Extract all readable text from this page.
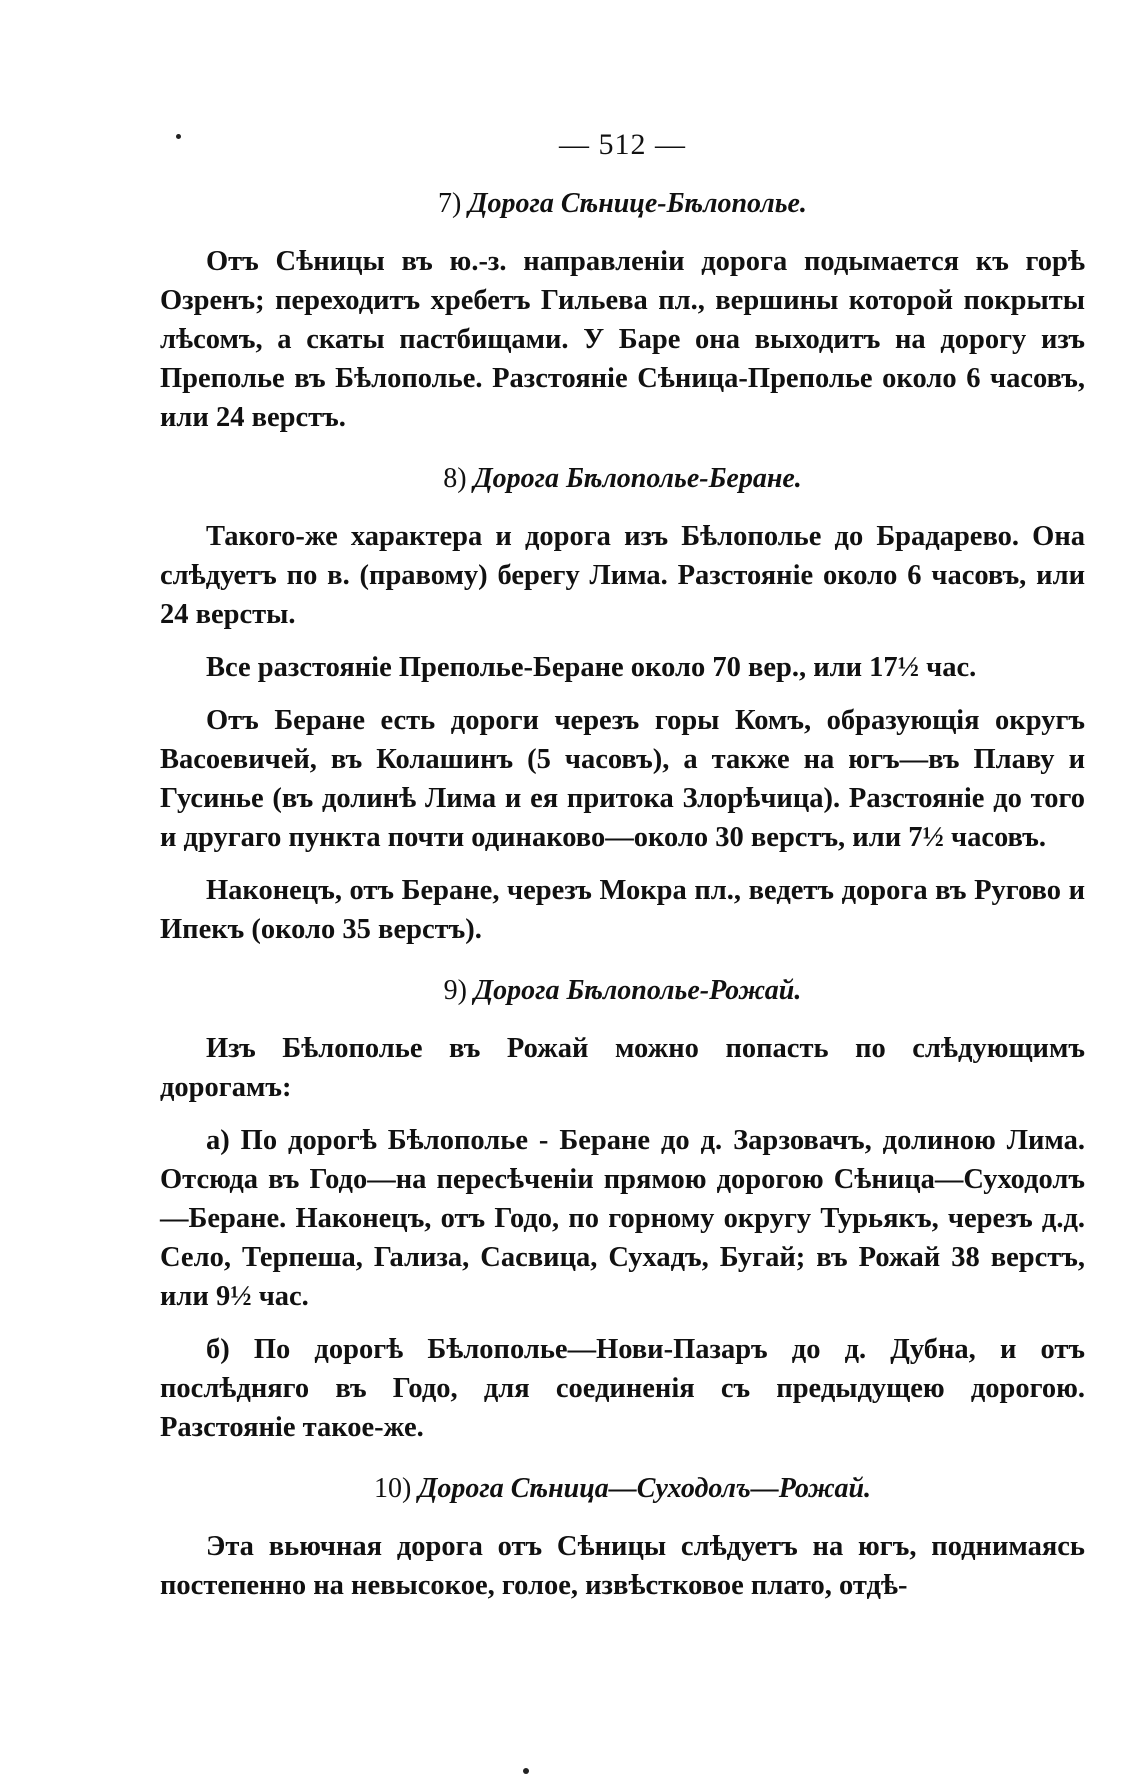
— 512 —
7) Дорога Сѣнице-Бѣлополье.

Отъ Сѣницы въ ю.-з. направленіи дорога подымается къ горѣ Озренъ; переходитъ хребетъ Гильева пл., вершины которой покрыты лѣсомъ, а скаты пастбищами. У Баре она выходитъ на дорогу изъ Преполье въ Бѣлополье. Разстояніе Сѣница-Преполье около 6 часовъ, или 24 верстъ.

8) Дорога Бѣлополье-Беране.

Такого-же характера и дорога изъ Бѣлополье до Брадарево. Она слѣдуетъ по в. (правому) берегу Лима. Разстояніе около 6 часовъ, или 24 версты.

Все разстояніе Преполье-Беране около 70 вер., или 17½ час.

Отъ Беране есть дороги черезъ горы Комъ, образующія округъ Васоевичей, въ Колашинъ (5 часовъ), а также на югъ—въ Плаву и Гусинье (въ долинѣ Лима и ея притока Злорѣчица). Разстояніе до того и другаго пункта почти одинаково—около 30 верстъ, или 7½ часовъ.

Наконецъ, отъ Беране, черезъ Мокра пл., ведетъ дорога въ Ругово и Ипекъ (около 35 верстъ).

9) Дорога Бѣлополье-Рожай.

Изъ Бѣлополье въ Рожай можно попасть по слѣдующимъ дорогамъ:

а) По дорогѣ Бѣлополье - Беране до д. Зарзовачъ, долиною Лима. Отсюда въ Годо—на пересѣченіи прямою дорогою Сѣница—Суходолъ—Беране. Наконецъ, отъ Годо, по горному округу Турьякъ, черезъ д.д. Село, Терпеша, Гализа, Сасвица, Сухадъ, Бугай; въ Рожай 38 верстъ, или 9½ час.

б) По дорогѣ Бѣлополье—Нови-Пазаръ до д. Дубна, и отъ послѣдняго въ Годо, для соединенія съ предыдущею дорогою. Разстояніе такое-же.

10) Дорога Сѣница—Суходолъ—Рожай.

Эта вьючная дорога отъ Сѣницы слѣдуетъ на югъ, поднимаясь постепенно на невысокое, голое, извѣстковое плато, отдѣ-
